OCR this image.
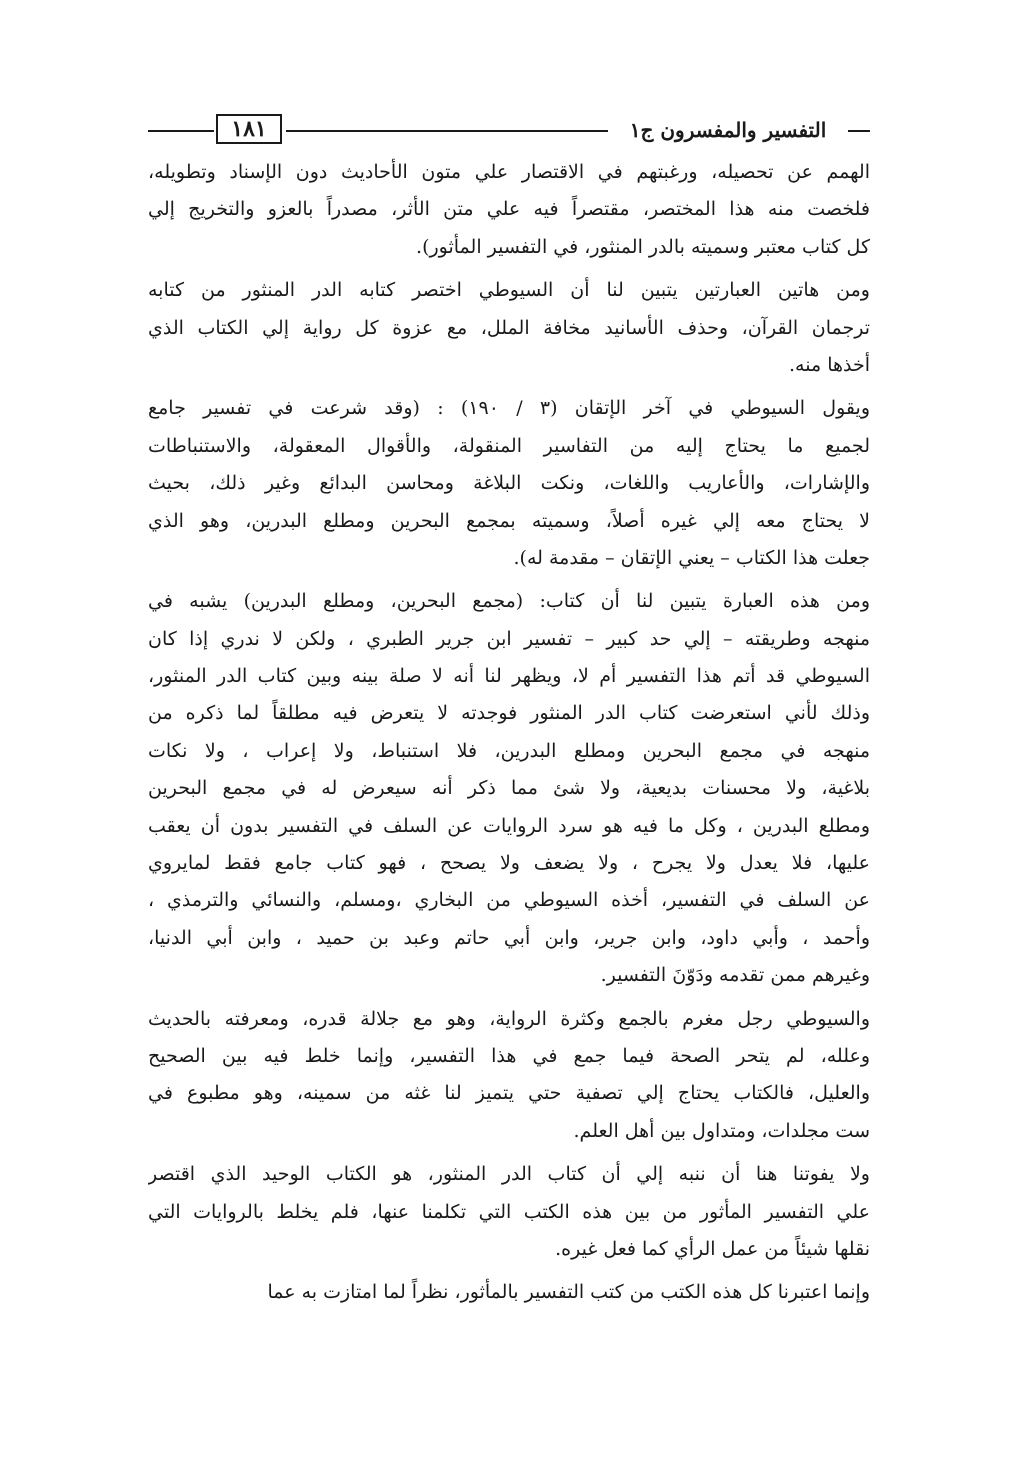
١٨١	التفسير والمفسرون ج١
الهمم عن تحصيله، ورغبتهم في الاقتصار علي متون الأحاديث دون الإسناد وتطويله،
فلخصت منه هذا المختصر، مقتصراً فيه علي متن الأثر، مصدراً بالعزو والتخريج إلي
كل كتاب معتبر وسميته بالدر المنثور، في التفسير المأثور).
ومن هاتين العبارتين يتبين لنا أن السيوطي اختصر كتابه الدر المنثور من كتابه
ترجمان القرآن، وحذف الأسانيد مخافة الملل، مع عزوة كل رواية إلي الكتاب الذي
أخذها منه.
ويقول السيوطي في آخر الإتقان (٣ / ١٩٠) : (وقد شرعت في تفسير جامع
لجميع ما يحتاج إليه من التفاسير المنقولة، والأقوال المعقولة، والاستنباطات
والإشارات، والأعاريب واللغات، ونكت البلاغة ومحاسن البدائع وغير ذلك، بحيث
لا يحتاج معه إلي غيره أصلاً، وسميته بمجمع البحرين ومطلع البدرين، وهو الذي
جعلت هذا الكتاب – يعني الإتقان – مقدمة له).
ومن هذه العبارة يتبين لنا أن كتاب: (مجمع البحرين، ومطلع البدرين) يشبه في
منهجه وطريقته – إلي حد كبير – تفسير ابن جرير الطبري ، ولكن لا ندري إذا كان
السيوطي قد أتم هذا التفسير أم لا، ويظهر لنا أنه لا صلة بينه وبين كتاب الدر المنثور،
وذلك لأني استعرضت كتاب الدر المنثور فوجدته لا يتعرض فيه مطلقاً لما ذكره من
منهجه في مجمع البحرين ومطلع البدرين، فلا استنباط، ولا إعراب ، ولا نكات
بلاغية، ولا محسنات بديعية، ولا شئ مما ذكر أنه سيعرض له في مجمع البحرين
ومطلع البدرين ، وكل ما فيه هو سرد الروايات عن السلف في التفسير بدون أن يعقب
عليها، فلا يعدل ولا يجرح ، ولا يضعف ولا يصحح ، فهو كتاب جامع فقط لمايروي
عن السلف في التفسير، أخذه السيوطي من البخاري ،ومسلم، والنسائي والترمذي ،
وأحمد ، وأبي داود، وابن جرير، وابن أبي حاتم وعبد بن حميد ، وابن أبي الدنيا،
وغيرهم ممن تقدمه ودَوّنَ التفسير.
والسيوطي رجل مغرم بالجمع وكثرة الرواية، وهو مع جلالة قدره، ومعرفته بالحديث
وعلله، لم يتحر الصحة فيما جمع في هذا التفسير، وإنما خلط فيه بين الصحيح
والعليل، فالكتاب يحتاج إلي تصفية حتي يتميز لنا غثه من سمينه، وهو مطبوع في
ست مجلدات، ومتداول بين أهل العلم.
ولا يفوتنا هنا أن ننبه إلي أن كتاب الدر المنثور، هو الكتاب الوحيد الذي اقتصر
علي التفسير المأثور من بين هذه الكتب التي تكلمنا عنها، فلم يخلط بالروايات التي
نقلها شيئاً من عمل الرأي كما فعل غيره.
وإنما اعتبرنا كل هذه الكتب من كتب التفسير بالمأثور، نظراً لما امتازت به عما
